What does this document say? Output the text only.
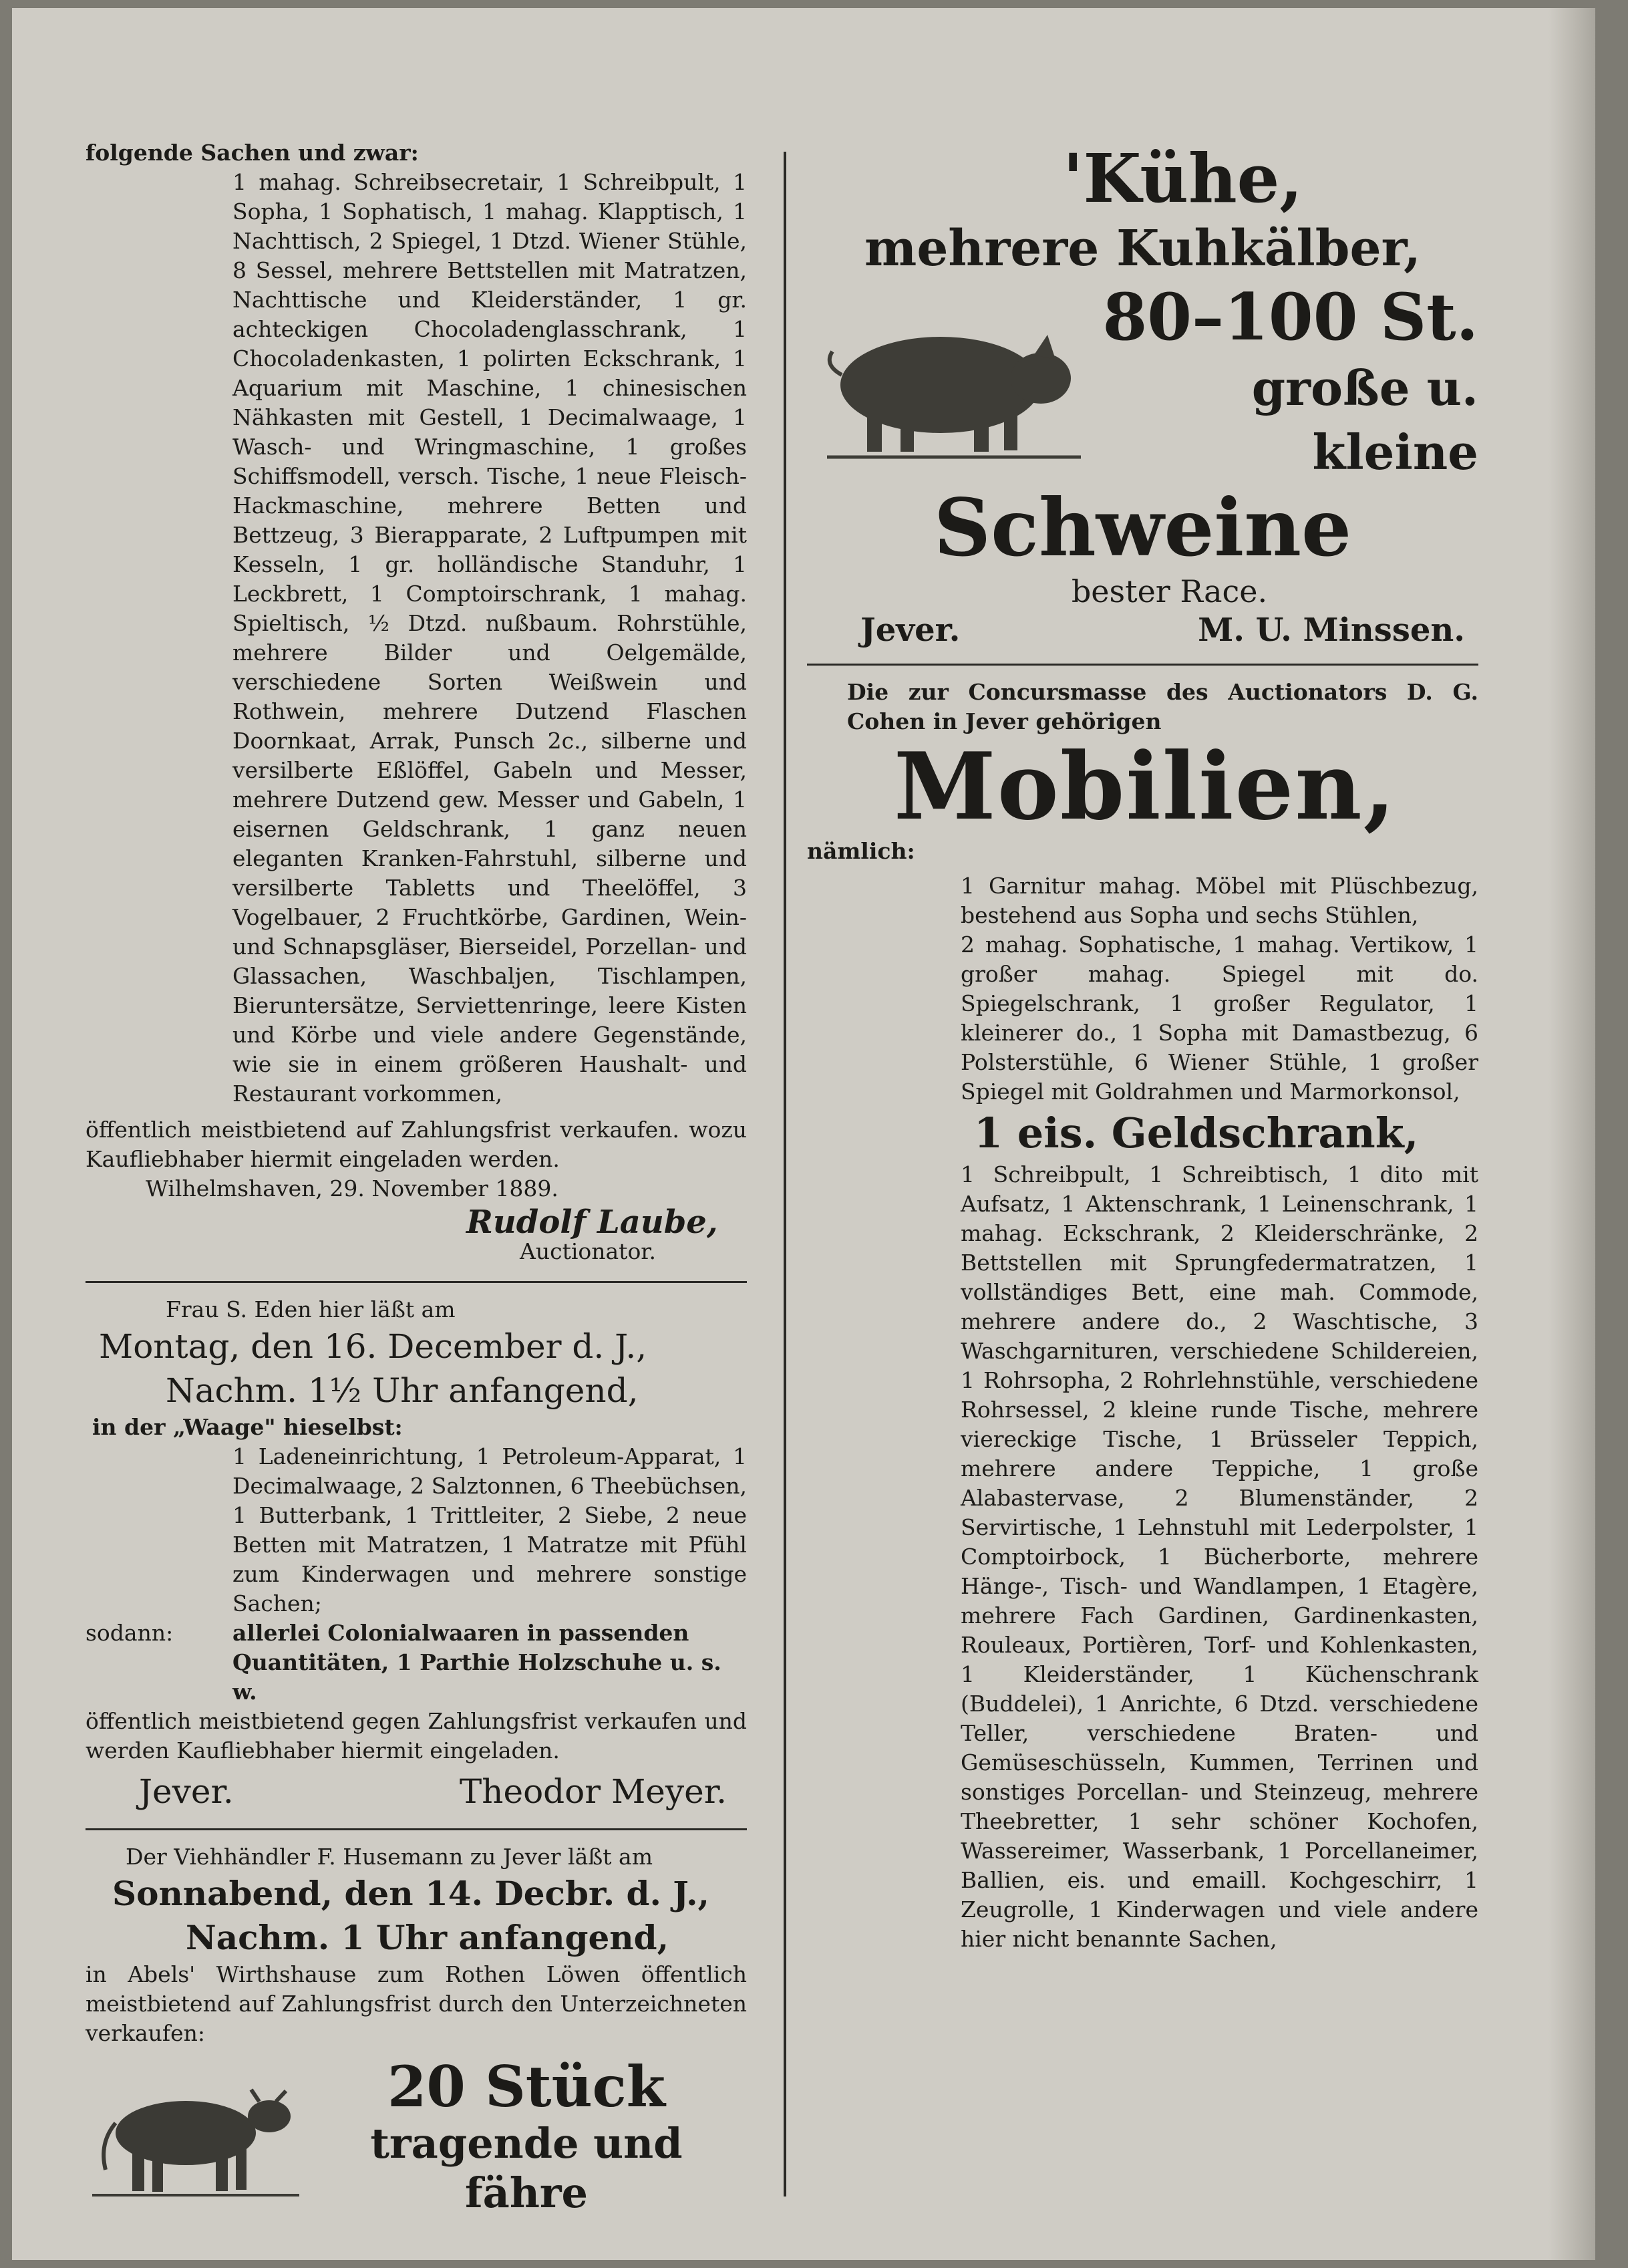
folgende Sachen und zwar:

1 mahag. Schreibsecretair, 1 Schreibpult, 1 Sopha, 1 Sophatisch, 1 mahag. Klapptisch, 1 Nachttisch, 2 Spiegel, 1 Dtzd. Wiener Stühle, 8 Sessel, mehrere Bettstellen mit Matratzen, Nachttische und Kleiderständer, 1 gr. achteckigen Chocoladenglasschrank, 1 Chocoladenkasten, 1 polirten Eckschrank, 1 Aquarium mit Maschine, 1 chinesischen Nähkasten mit Gestell, 1 Decimalwaage, 1 Wasch- und Wringmaschine, 1 großes Schiffsmodell, versch. Tische, 1 neue Fleisch-Hackmaschine, mehrere Betten und Bettzeug, 3 Bierapparate, 2 Luftpumpen mit Kesseln, 1 gr. holländische Standuhr, 1 Leckbrett, 1 Comptoirschrank, 1 mahag. Spieltisch, ½ Dtzd. nußbaum. Rohrstühle, mehrere Bilder und Oelgemälde, verschiedene Sorten Weißwein und Rothwein, mehrere Dutzend Flaschen Doornkaat, Arrak, Punsch 2c., silberne und versilberte Eßlöffel, Gabeln und Messer, mehrere Dutzend gew. Messer und Gabeln, 1 eisernen Geldschrank, 1 ganz neuen eleganten Kranken-Fahrstuhl, silberne und versilberte Tabletts und Theelöffel, 3 Vogelbauer, 2 Fruchtkörbe, Gardinen, Wein- und Schnapsgläser, Bierseidel, Porzellan- und Glassachen, Waschbaljen, Tischlampen, Bieruntersätze, Serviettenringe, leere Kisten und Körbe und viele andere Gegenstände, wie sie in einem größeren Haushalt- und Restaurant vorkommen,

öffentlich meistbietend auf Zahlungsfrist verkaufen. wozu Kaufliebhaber hiermit eingeladen werden.

Wilhelmshaven, 29. November 1889.

Rudolf Laube,

Auctionator.

Frau S. Eden hier läßt am

Montag, den 16. December d. J.,

Nachm. 1½ Uhr anfangend,

in der „Waage" hieselbst:

1 Ladeneinrichtung, 1 Petroleum-Apparat, 1 Decimalwaage, 2 Salztonnen, 6 Theebüchsen, 1 Butterbank, 1 Trittleiter, 2 Siebe, 2 neue Betten mit Matratzen, 1 Matratze mit Pfühl zum Kinderwagen und mehrere sonstige Sachen;

sodann:	allerlei Colonialwaaren in passenden Quantitäten, 1 Parthie Holzschuhe u. s. w.

öffentlich meistbietend gegen Zahlungsfrist verkaufen und werden Kaufliebhaber hiermit eingeladen.

Jever.	Theodor Meyer.

Der Viehhändler F. Husemann zu Jever läßt am

Sonnabend, den 14. Decbr. d. J.,

Nachm. 1 Uhr anfangend,

in Abels' Wirthshause zum Rothen Löwen öffentlich meistbietend auf Zahlungsfrist durch den Unterzeichneten verkaufen:

20 Stück
tragende und fähre
'Kühe,
mehrere Kuhkälber,
80–100 St.
große u. kleine
Schweine
bester Race.
Jever.	M. U. Minssen.

Die zur Concursmasse des Auctionators D. G. Cohen in Jever gehörigen

Mobilien,

nämlich:

1 Garnitur mahag. Möbel mit Plüschbezug, bestehend aus Sopha und sechs Stühlen,

2 mahag. Sophatische, 1 mahag. Vertikow, 1 großer mahag. Spiegel mit do. Spiegelschrank, 1 großer Regulator, 1 kleinerer do., 1 Sopha mit Damastbezug, 6 Polsterstühle, 6 Wiener Stühle, 1 großer Spiegel mit Goldrahmen und Marmorkonsol,

1 eis. Geldschrank,

1 Schreibpult, 1 Schreibtisch, 1 dito mit Aufsatz, 1 Aktenschrank, 1 Leinenschrank, 1 mahag. Eckschrank, 2 Kleiderschränke, 2 Bettstellen mit Sprungfedermatratzen, 1 vollständiges Bett, eine mah. Commode, mehrere andere do., 2 Waschtische, 3 Waschgarnituren, verschiedene Schildereien, 1 Rohrsopha, 2 Rohrlehnstühle, verschiedene Rohrsessel, 2 kleine runde Tische, mehrere viereckige Tische, 1 Brüsseler Teppich, mehrere andere Teppiche, 1 große Alabastervase, 2 Blumenständer, 2 Servirtische, 1 Lehnstuhl mit Lederpolster, 1 Comptoirbock, 1 Bücherborte, mehrere Hänge-, Tisch- und Wandlampen, 1 Etagère, mehrere Fach Gardinen, Gardinenkasten, Rouleaux, Portièren, Torf- und Kohlenkasten, 1 Kleiderständer, 1 Küchenschrank (Buddelei), 1 Anrichte, 6 Dtzd. verschiedene Teller, verschiedene Braten- und Gemüseschüsseln, Kummen, Terrinen und sonstiges Porcellan- und Steinzeug, mehrere Theebretter, 1 sehr schöner Kochofen, Wassereimer, Wasserbank, 1 Porcellaneimer, Ballien, eis. und emaill. Kochgeschirr, 1 Zeugrolle, 1 Kinderwagen und viele andere hier nicht benannte Sachen,
